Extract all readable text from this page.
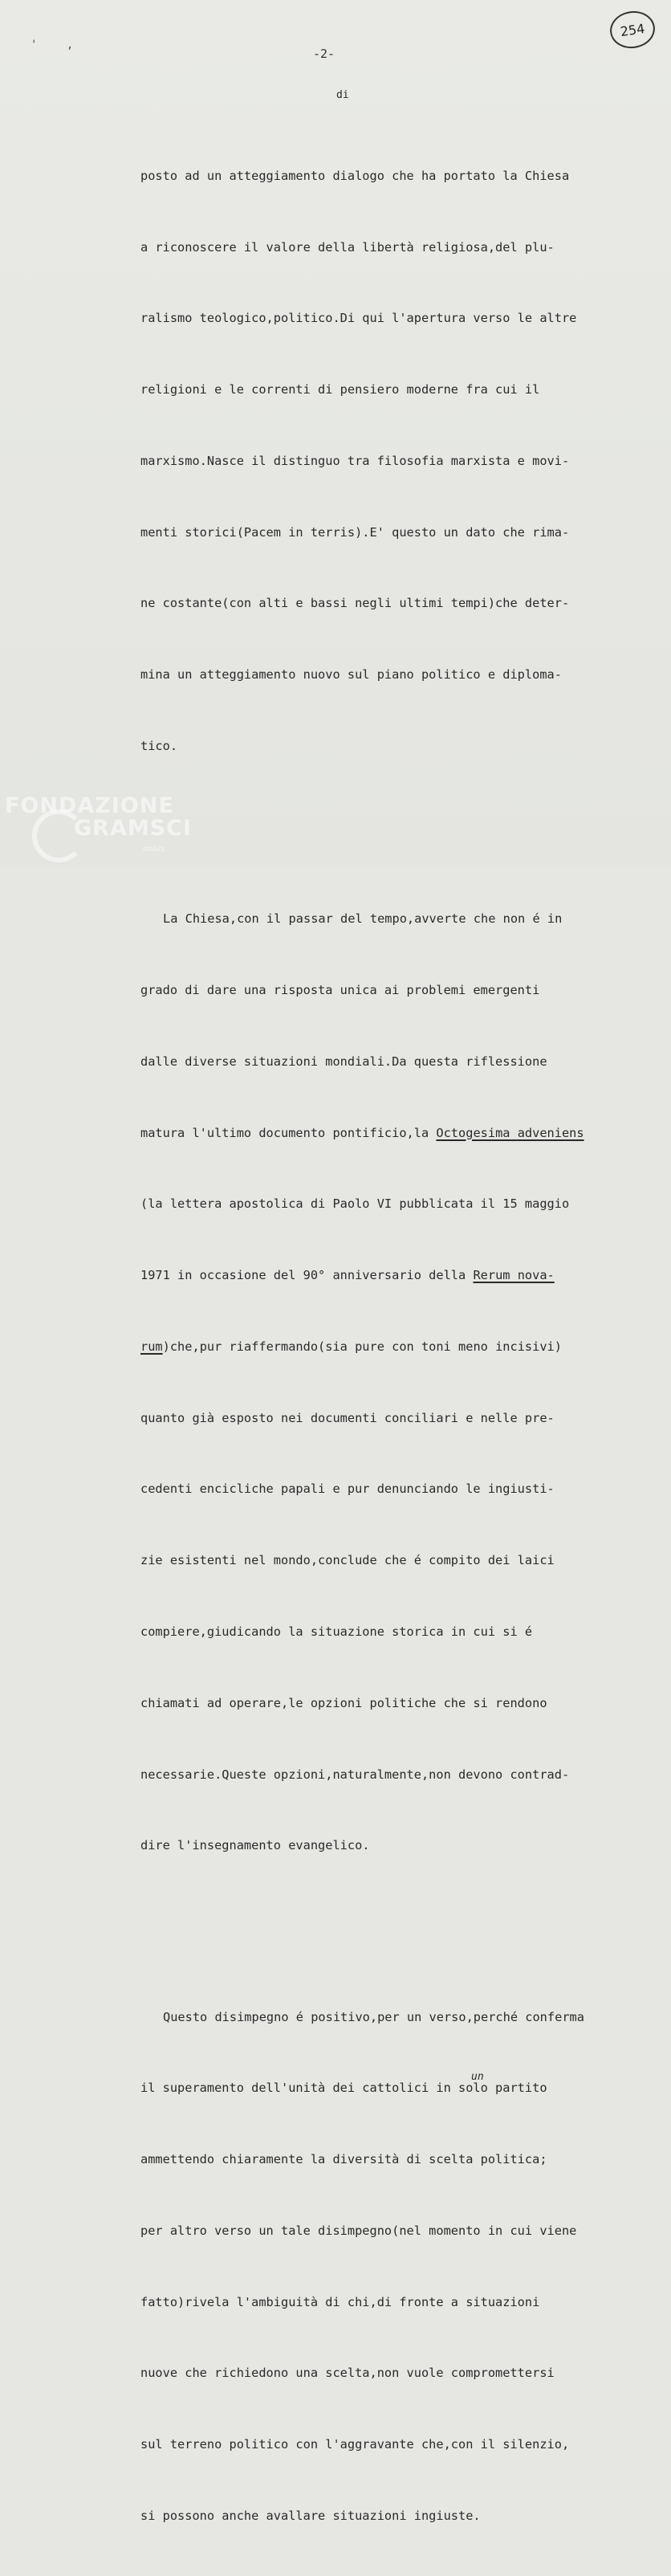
' ,
254
-2-

di

posto ad un atteggiamento dialogo che ha portato la Chiesa

a riconoscere il valore della libertà religiosa,del plu-

ralismo teologico,politico.Di qui l'apertura verso le altre

religioni e le correnti di pensiero moderne fra cui il

marxismo.Nasce il distinguo tra filosofia marxista e movi-

menti storici(Pacem in terris).E' questo un dato che rima-

ne costante(con alti e bassi negli ultimi tempi)che deter-

mina un atteggiamento nuovo sul piano politico e diploma-

tico.

La Chiesa,con il passar del tempo,avverte che non é in

grado di dare una risposta unica ai problemi emergenti

dalle diverse situazioni mondiali.Da questa riflessione

matura l'ultimo documento pontificio,la Octogesima adveniens

(la lettera apostolica di Paolo VI pubblicata il 15 maggio

1971 in occasione del 90° anniversario della Rerum nova-

rum)che,pur riaffermando(sia pure con toni meno incisivi)

quanto già esposto nei documenti conciliari e nelle pre-

cedenti encicliche papali e pur denunciando le ingiusti-

zie esistenti nel mondo,conclude che é compito dei laici

compiere,giudicando la situazione storica in cui si é

chiamati ad operare,le opzioni politiche che si rendono

necessarie.Queste opzioni,naturalmente,non devono contrad-

dire l'insegnamento evangelico.

Questo disimpegno é positivo,per un verso,perché conferma

un
il superamento dell'unità dei cattolici in solo partito

ammettendo chiaramente la diversità di scelta politica;

per altro verso un tale disimpegno(nel momento in cui viene

fatto)rivela l'ambiguità di chi,di fronte a situazioni

nuove che richiedono una scelta,non vuole compromettersi

sul terreno politico con l'aggravante che,con il silenzio,

si possono anche avallare situazioni ingiuste.

FONDAZIONE
GRAMSCI
onlus
